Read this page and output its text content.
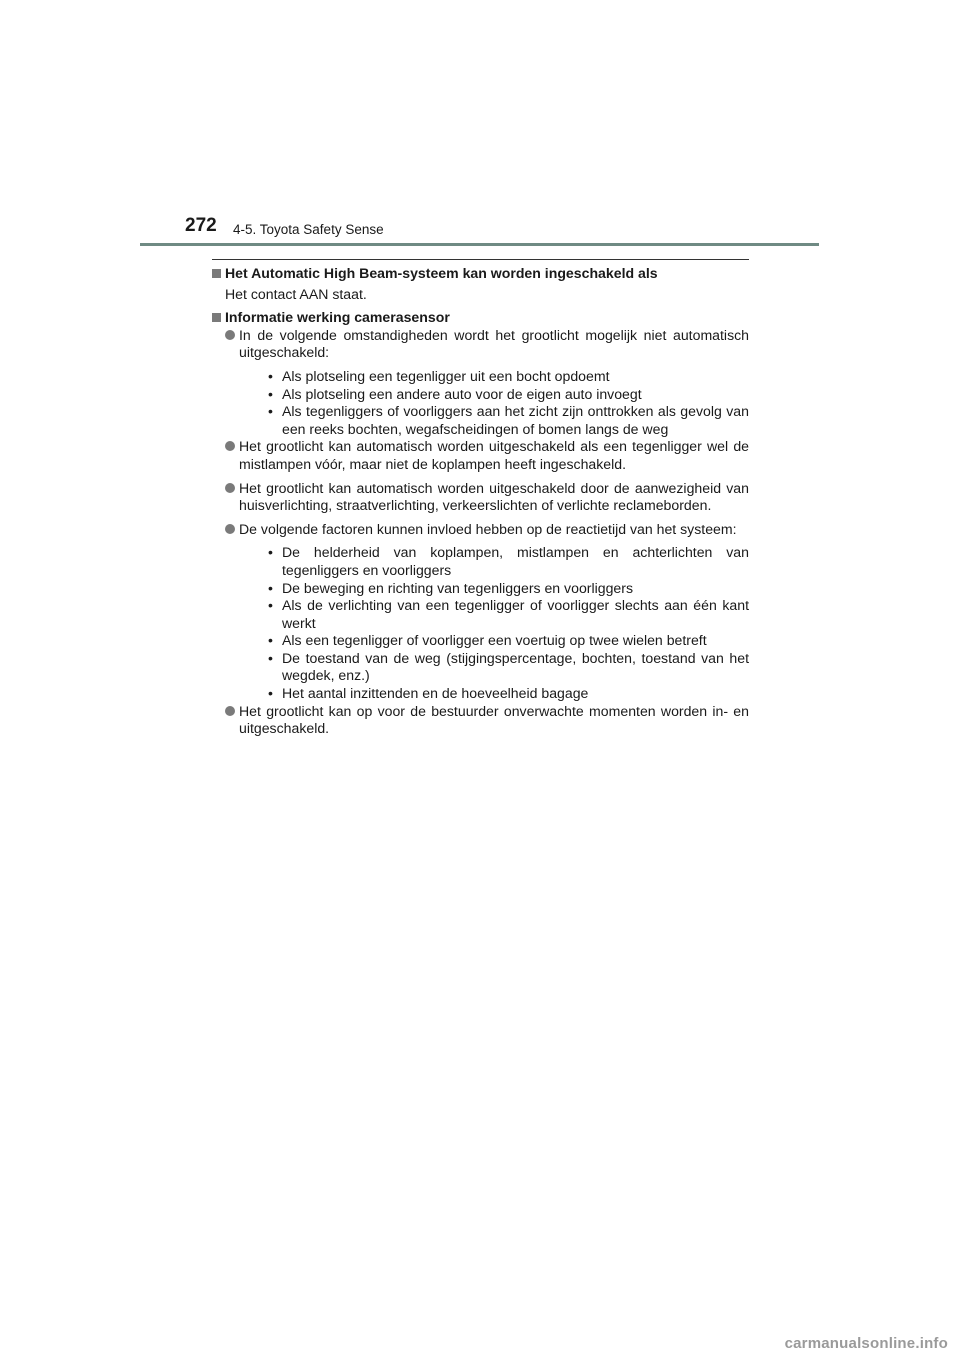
272 4-5. Toyota Safety Sense
Het Automatic High Beam-systeem kan worden ingeschakeld als
Het contact AAN staat.
Informatie werking camerasensor
In de volgende omstandigheden wordt het grootlicht mogelijk niet automatisch uitgeschakeld:
• Als plotseling een tegenligger uit een bocht opdoemt
• Als plotseling een andere auto voor de eigen auto invoegt
• Als tegenliggers of voorliggers aan het zicht zijn onttrokken als gevolg van een reeks bochten, wegafscheidingen of bomen langs de weg
Het grootlicht kan automatisch worden uitgeschakeld als een tegenligger wel de mistlampen vóór, maar niet de koplampen heeft ingeschakeld.
Het grootlicht kan automatisch worden uitgeschakeld door de aanwezigheid van huisverlichting, straatverlichting, verkeerslichten of verlichte reclameborden.
De volgende factoren kunnen invloed hebben op de reactietijd van het systeem:
• De helderheid van koplampen, mistlampen en achterlichten van tegenliggers en voorliggers
• De beweging en richting van tegenliggers en voorliggers
• Als de verlichting van een tegenligger of voorligger slechts aan één kant werkt
• Als een tegenligger of voorligger een voertuig op twee wielen betreft
• De toestand van de weg (stijgingspercentage, bochten, toestand van het wegdek, enz.)
• Het aantal inzittenden en de hoeveelheid bagage
Het grootlicht kan op voor de bestuurder onverwachte momenten worden in- en uitgeschakeld.
carmanualsonline.info
